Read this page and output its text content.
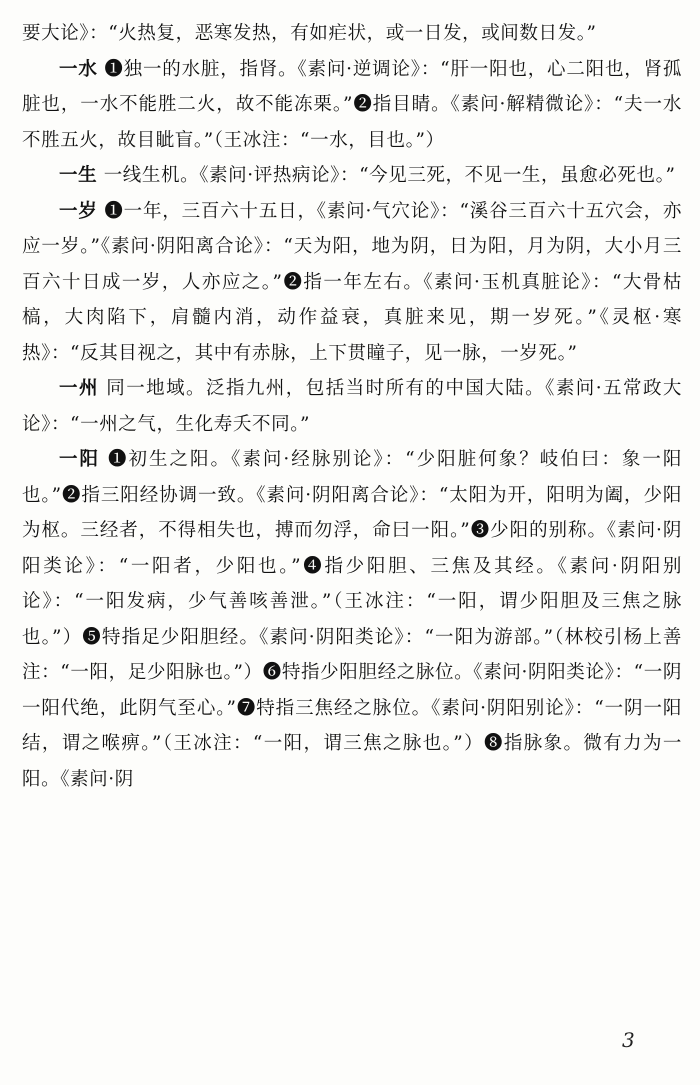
要大论》：“火热复，恶寒发热，有如疟状，或一日发，或间数日发。”

一水 ❶独一的水脏，指肾。《素问·逆调论》：“肝一阳也，心二阳也，肾孤脏也，一水不能胜二火，故不能冻栗。”❷指目睛。《素问·解精微论》：“夫一水不胜五火，故目眦盲。”（王冰注：“一水，目也。”）

一生 一线生机。《素问·评热病论》：“今见三死，不见一生，虽愈必死也。”

一岁 ❶一年，三百六十五日，《素问·气穴论》：“溪谷三百六十五穴会，亦应一岁。”《素问·阴阳离合论》：“天为阳，地为阴，日为阳，月为阴，大小月三百六十日成一岁，人亦应之。”❷指一年左右。《素问·玉机真脏论》：“大骨枯槁，大肉陷下，肩髓内消，动作益衰，真脏来见，期一岁死。”《灵枢·寒热》：“反其目视之，其中有赤脉，上下贯瞳子，见一脉，一岁死。”

一州 同一地域。泛指九州，包括当时所有的中国大陆。《素问·五常政大论》：“一州之气，生化寿夭不同。”

一阳 ❶初生之阳。《素问·经脉别论》：“少阳脏何象？岐伯曰：象一阳也。”❷指三阳经协调一致。《素问·阴阳离合论》：“太阳为开，阳明为阖，少阳为枢。三经者，不得相失也，搏而勿浮，命曰一阳。”❸少阳的别称。《素问·阴阳类论》：“一阳者，少阳也。”❹指少阳胆、三焦及其经。《素问·阴阳别论》：“一阳发病，少气善咳善泄。”（王冰注：“一阳，谓少阳胆及三焦之脉也。”）❺特指足少阳胆经。《素问·阴阳类论》：“一阳为游部。”（林校引杨上善注：“一阳，足少阳脉也。”）❻特指少阳胆经之脉位。《素问·阴阳类论》：“一阴一阳代绝，此阴气至心。”❼特指三焦经之脉位。《素问·阴阳别论》：“一阴一阳结，谓之喉痹。”（王冰注：“一阳，谓三焦之脉也。”）❽指脉象。微有力为一阳。《素问·阴

3
